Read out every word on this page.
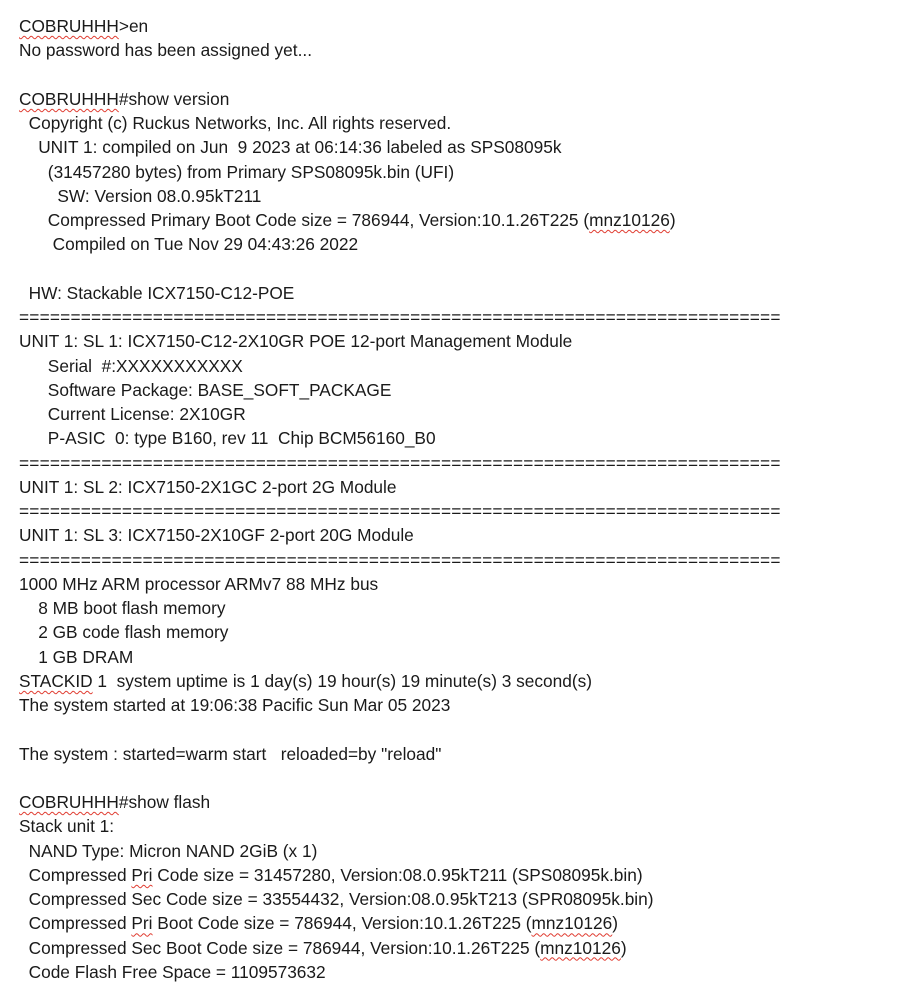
COBRUHHH>en
No password has been assigned yet...
COBRUHHH#show version
Copyright (c) Ruckus Networks, Inc. All rights reserved.
UNIT 1: compiled on Jun  9 2023 at 06:14:36 labeled as SPS08095k
(31457280 bytes) from Primary SPS08095k.bin (UFI)
SW: Version 08.0.95kT211
Compressed Primary Boot Code size = 786944, Version:10.1.26T225 (mnz10126)
Compiled on Tue Nov 29 04:43:26 2022
HW: Stackable ICX7150-C12-POE
==========================================================================
UNIT 1: SL 1: ICX7150-C12-2X10GR POE 12-port Management Module
Serial  #:XXXXXXXXXXX
Software Package: BASE_SOFT_PACKAGE
Current License: 2X10GR
P-ASIC  0: type B160, rev 11  Chip BCM56160_B0
==========================================================================
UNIT 1: SL 2: ICX7150-2X1GC 2-port 2G Module
==========================================================================
UNIT 1: SL 3: ICX7150-2X10GF 2-port 20G Module
==========================================================================
1000 MHz ARM processor ARMv7 88 MHz bus
8 MB boot flash memory
2 GB code flash memory
1 GB DRAM
STACKID 1  system uptime is 1 day(s) 19 hour(s) 19 minute(s) 3 second(s)
The system started at 19:06:38 Pacific Sun Mar 05 2023
The system : started=warm start   reloaded=by "reload"
COBRUHHH#show flash
Stack unit 1:
NAND Type: Micron NAND 2GiB (x 1)
Compressed Pri Code size = 31457280, Version:08.0.95kT211 (SPS08095k.bin)
Compressed Sec Code size = 33554432, Version:08.0.95kT213 (SPR08095k.bin)
Compressed Pri Boot Code size = 786944, Version:10.1.26T225 (mnz10126)
Compressed Sec Boot Code size = 786944, Version:10.1.26T225 (mnz10126)
Code Flash Free Space = 1109573632
